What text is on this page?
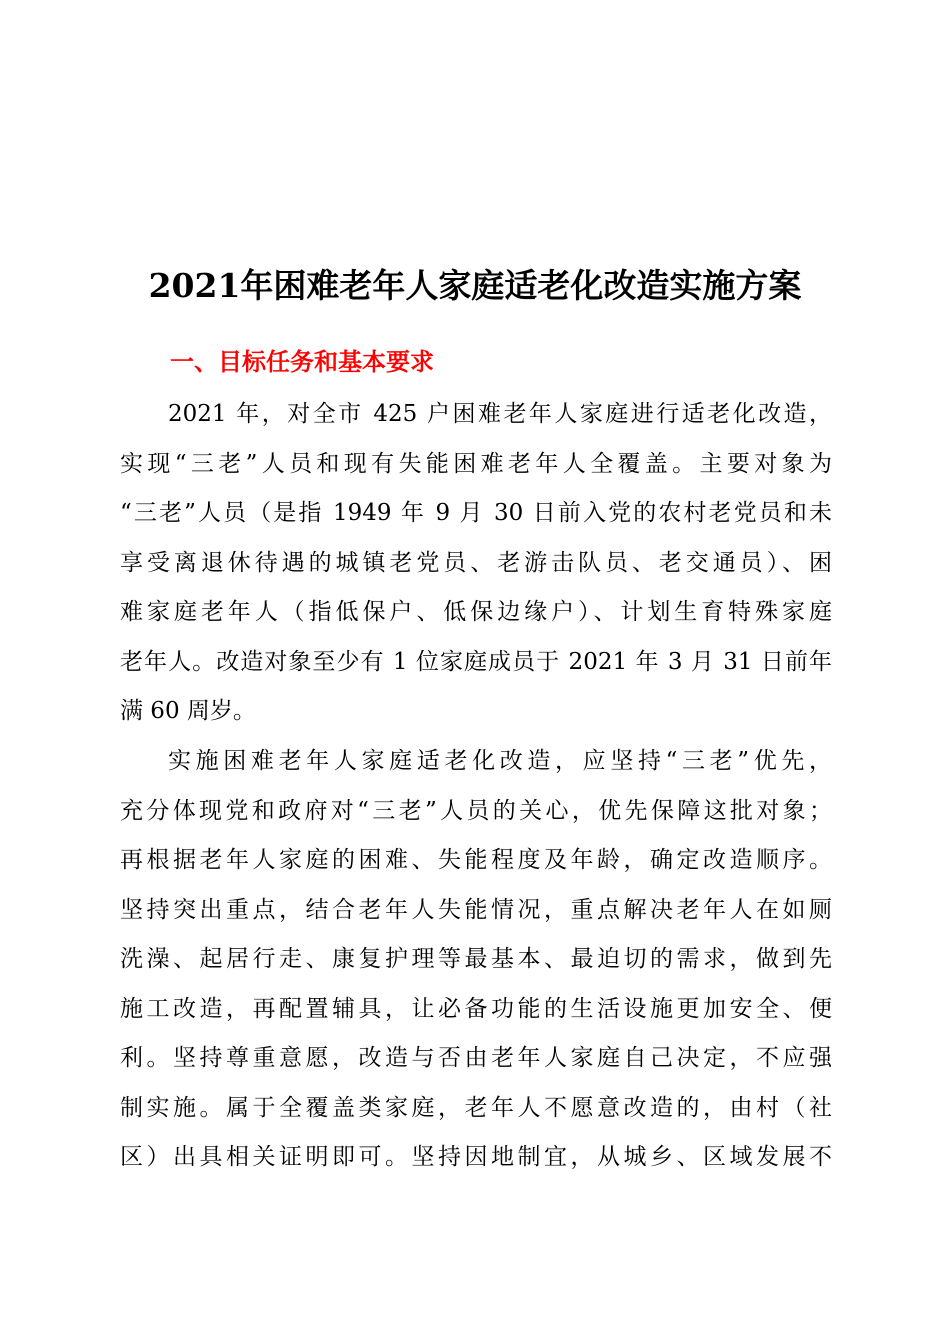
2021年困难老年人家庭适老化改造实施方案
一、目标任务和基本要求
2021 年，对全市 425 户困难老年人家庭进行适老化改造，
实现“三老”人员和现有失能困难老年人全覆盖。主要对象为
“三老”人员（是指 1949 年 9 月 30 日前入党的农村老党员和未
享受离退休待遇的城镇老党员、老游击队员、老交通员）、困
难家庭老年人（指低保户、低保边缘户）、计划生育特殊家庭
老年人。改造对象至少有 1 位家庭成员于 2021 年 3 月 31 日前年
满 60 周岁。
实施困难老年人家庭适老化改造，应坚持“三老”优先，
充分体现党和政府对“三老”人员的关心，优先保障这批对象；
再根据老年人家庭的困难、失能程度及年龄，确定改造顺序。
坚持突出重点，结合老年人失能情况，重点解决老年人在如厕
洗澡、起居行走、康复护理等最基本、最迫切的需求，做到先
施工改造，再配置辅具，让必备功能的生活设施更加安全、便
利。坚持尊重意愿，改造与否由老年人家庭自己决定，不应强
制实施。属于全覆盖类家庭，老年人不愿意改造的，由村（社
区）出具相关证明即可。坚持因地制宜，从城乡、区域发展不
